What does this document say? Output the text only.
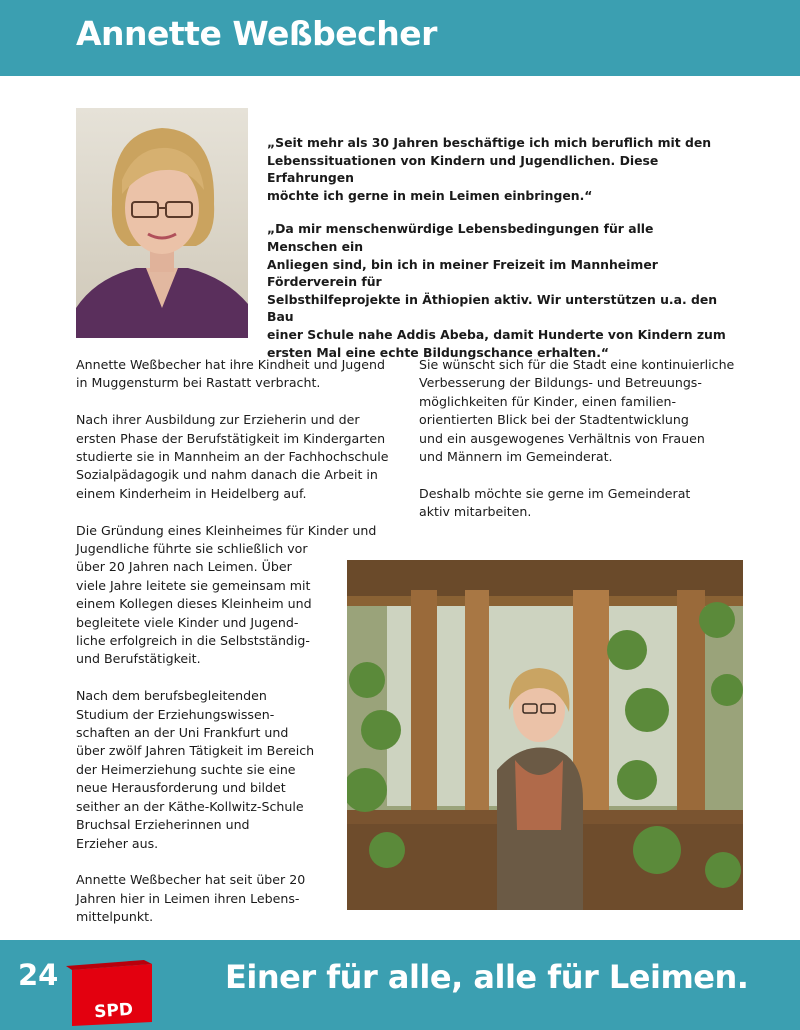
Annette Weßbecher

„Seit mehr als 30 Jahren beschäftige ich mich beruflich mit den
Lebenssituationen von Kindern und Jugendlichen. Diese Erfahrungen
möchte ich gerne in mein Leimen einbringen.“

„Da mir menschenwürdige Lebensbedingungen für alle Menschen ein
Anliegen sind, bin ich in meiner Freizeit im Mannheimer Förderverein für
Selbsthilfeprojekte in Äthiopien aktiv. Wir unterstützen u.a. den Bau
einer Schule nahe Addis Abeba, damit Hunderte von Kindern zum
ersten Mal eine echte Bildungschance erhalten.“

Annette Weßbecher hat ihre Kindheit und Jugend
in Muggensturm bei Rastatt verbracht.

Nach ihrer Ausbildung zur Erzieherin und der
ersten Phase der Berufstätigkeit im Kindergarten
studierte sie in Mannheim an der Fachhochschule
Sozialpädagogik und nahm danach die Arbeit in
einem Kinderheim in Heidelberg auf.

Die Gründung eines Kleinheimes für Kinder und
Jugendliche führte sie schließlich vor
über 20 Jahren nach Leimen. Über
viele Jahre leitete sie gemeinsam mit
einem Kollegen dieses Kleinheim und
begleitete viele Kinder und Jugend-
liche erfolgreich in die Selbstständig-
und Berufstätigkeit.

Nach dem berufsbegleitenden
Studium der Erziehungswissen-
schaften an der Uni Frankfurt und
über zwölf Jahren Tätigkeit im Bereich
der Heimerziehung suchte sie eine
neue Herausforderung und bildet
seither an der Käthe-Kollwitz-Schule
Bruchsal Erzieherinnen und
Erzieher aus.

Annette Weßbecher hat seit über 20
Jahren hier in Leimen ihren Lebens-
mittelpunkt.

Sie wünscht sich für die Stadt eine kontinuierliche
Verbesserung der Bildungs- und Betreuungs-
möglichkeiten für Kinder, einen familien-
orientierten Blick bei der Stadtentwicklung
und ein ausgewogenes Verhältnis von Frauen
und Männern im Gemeinderat.

Deshalb möchte sie gerne im Gemeinderat
aktiv mitarbeiten.

24
SPD
Einer für alle, alle für Leimen.
